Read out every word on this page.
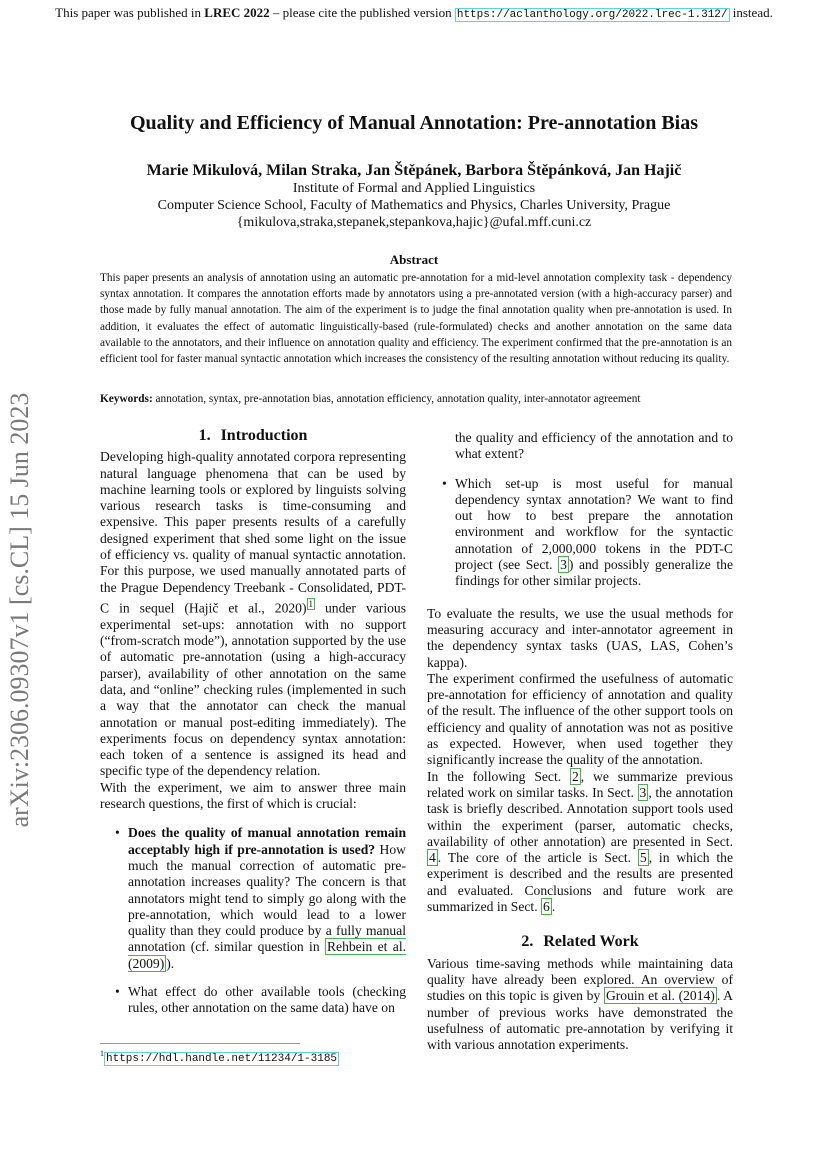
This paper was published in LREC 2022 – please cite the published version https://aclanthology.org/2022.lrec-1.312/ instead.
Quality and Efficiency of Manual Annotation: Pre-annotation Bias
Marie Mikulová, Milan Straka, Jan Štěpánek, Barbora Štěpánková, Jan Hajič
Institute of Formal and Applied Linguistics
Computer Science School, Faculty of Mathematics and Physics, Charles University, Prague
{mikulova,straka,stepanek,stepankova,hajic}@ufal.mff.cuni.cz
Abstract
This paper presents an analysis of annotation using an automatic pre-annotation for a mid-level annotation complexity task - dependency syntax annotation. It compares the annotation efforts made by annotators using a pre-annotated version (with a high-accuracy parser) and those made by fully manual annotation. The aim of the experiment is to judge the final annotation quality when pre-annotation is used. In addition, it evaluates the effect of automatic linguistically-based (rule-formulated) checks and another annotation on the same data available to the annotators, and their influence on annotation quality and efficiency. The experiment confirmed that the pre-annotation is an efficient tool for faster manual syntactic annotation which increases the consistency of the resulting annotation without reducing its quality.
Keywords: annotation, syntax, pre-annotation bias, annotation efficiency, annotation quality, inter-annotator agreement
arXiv:2306.09307v1 [cs.CL] 15 Jun 2023	1. Introduction
Developing high-quality annotated corpora representing natural language phenomena that can be used by machine learning tools or explored by linguists solving various research tasks is time-consuming and expensive. This paper presents results of a carefully designed experiment that shed some light on the issue of efficiency vs. quality of manual syntactic annotation. For this purpose, we used manually annotated parts of the Prague Dependency Treebank - Consolidated, PDT-C in sequel (Hajič et al., 2020) $^1$ under various experimental set-ups: annotation with no support (“from-scratch mode”), annotation supported by the use of automatic pre-annotation (using a high-accuracy parser), availability of other annotation on the same data, and “online” checking rules (implemented in such a way that the annotator can check the manual annotation or manual post-editing immediately). The experiments focus on dependency syntax annotation: each token of a sentence is assigned its head and specific type of the dependency relation.
With the experiment, we aim to answer three main research questions, the first of which is crucial:
• Does the quality of manual annotation remain acceptably high if pre-annotation is used? How much the manual correction of automatic pre-annotation increases quality? The concern is that annotators might tend to simply go along with the pre-annotation, which would lead to a lower quality than they could produce by a fully manual annotation (cf. similar question in Rehbein et al. (2009) ).
• What effect do other available tools (checking rules, other annotation on the same data) have on
$^1$ https://hdl.handle.net/11234/1-3185
the quality and efficiency of the annotation and to what extent?
• Which set-up is most useful for manual dependency syntax annotation? We want to find out how to best prepare the annotation environment and workflow for the syntactic annotation of 2,000,000 tokens in the PDT-C project (see Sect. 3 ) and possibly generalize the findings for other similar projects.
To evaluate the results, we use the usual methods for measuring accuracy and inter-annotator agreement in the dependency syntax tasks (UAS, LAS, Cohen’s kappa).
The experiment confirmed the usefulness of automatic pre-annotation for efficiency of annotation and quality of the result. The influence of the other support tools on efficiency and quality of annotation was not as positive as expected. However, when used together they significantly increase the quality of the annotation.
In the following Sect. 2 , we summarize previous related work on similar tasks. In Sect. 3 , the annotation task is briefly described. Annotation support tools used within the experiment (parser, automatic checks, availability of other annotation) are presented in Sect. 4 . The core of the article is Sect. 5 , in which the experiment is described and the results are presented and evaluated. Conclusions and future work are summarized in Sect. 6 .
2. Related Work
Various time-saving methods while maintaining data quality have already been explored. An overview of studies on this topic is given by Grouin et al. (2014) . A number of previous works have demonstrated the usefulness of automatic pre-annotation by verifying it with various annotation experiments.
